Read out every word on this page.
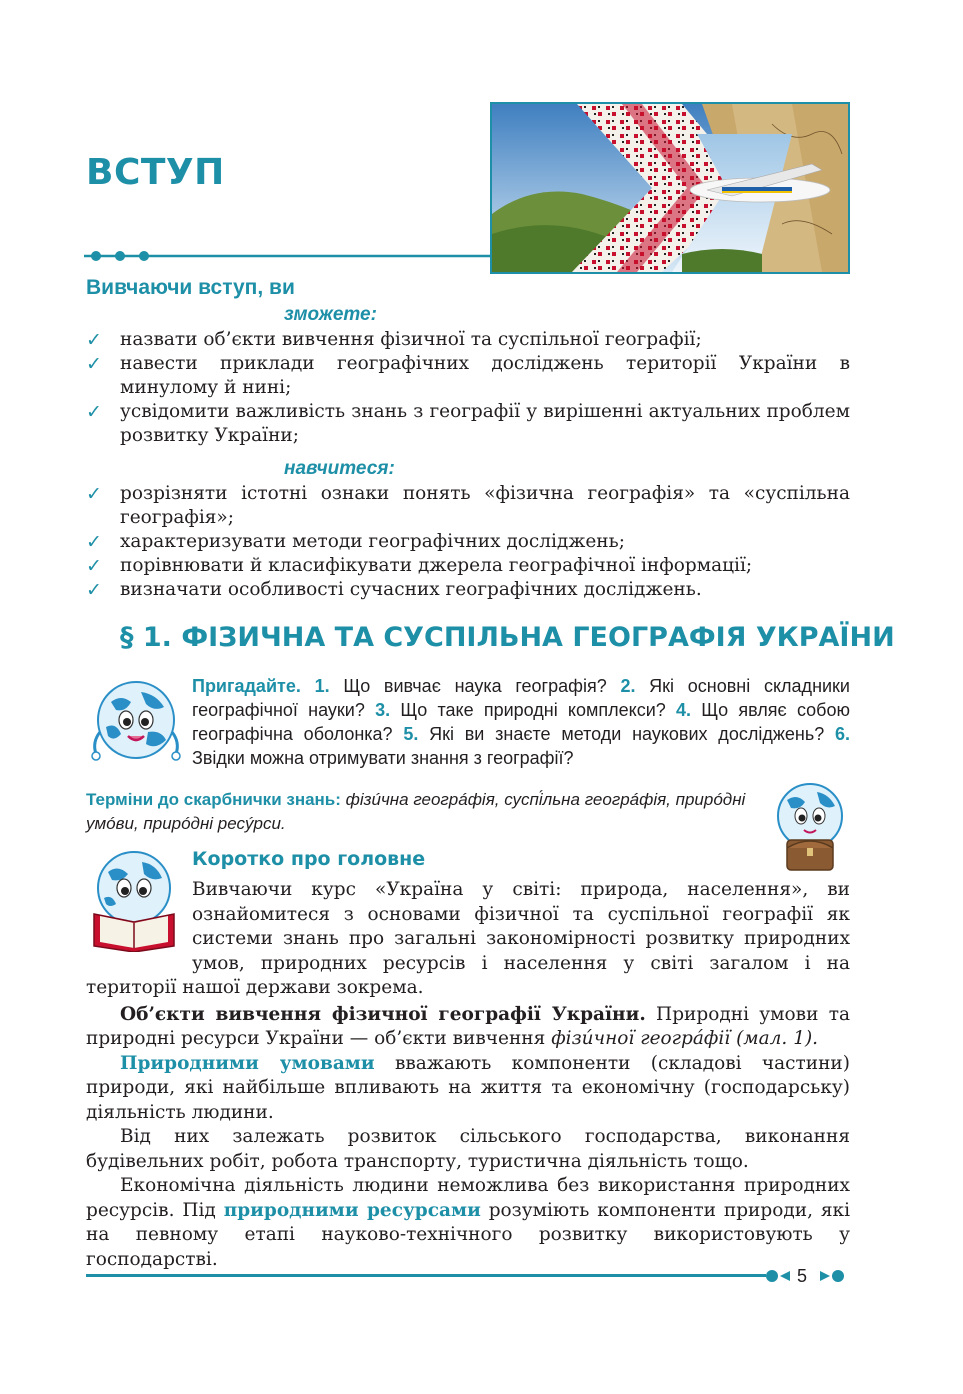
ВСТУП
Вивчаючи вступ, ви
зможете:
✓ назвати об’єкти вивчення фізичної та суспільної географії;
✓ навести приклади географічних досліджень території України в минулому й нині;
✓ усвідомити важливість знань з географії у вирішенні актуальних проблем розвитку України;
навчитеся:
✓ розрізняти істотні ознаки понять «фізична географія» та «суспільна географія»;
✓ характеризувати методи географічних досліджень;
✓ порівнювати й класифікувати джерела географічної інформації;
✓ визначати особливості сучасних географічних досліджень.
§ 1. ФІЗИЧНА ТА СУСПІЛЬНА ГЕОГРАФІЯ УКРАЇНИ
Пригадайте. 1. Що вивчає наука географія? 2. Які основні складники географічної науки? 3. Що таке природні комплекси? 4. Що являє собою географічна оболонка? 5. Які ви знаєте методи наукових досліджень? 6. Звідки можна отримувати знання з географії?
Терміни до скарбнички знань: фізúчна геогрáфія, суспі́льна геогрáфія, прирóдні умóви, прирóдні ресýрси.
Коротко про головне
Вивчаючи курс «Україна у світі: природа, населення», ви ознайомитеся з основами фізичної та суспільної географії як системи знань про загальні закономірності розвитку природних умов, природних ресурсів і населення у світі загалом і на території нашої держави зокрема.
Об’єкти вивчення фізичної географії України. Природні умови та природні ресурси України — об’єкти вивчення фізúчної геогрáфії (мал. 1).
Природними умовами вважають компоненти (складові частини) природи, які найбільше впливають на життя та економічну (господарську) діяльність людини.
Від них залежать розвиток сільського господарства, виконання будівельних робіт, робота транспорту, туристична діяльність тощо.
Економічна діяльність людини неможлива без використання природних ресурсів. Під природними ресурсами розуміють компоненти природи, які на певному етапі науково-технічного розвитку використовують у господарстві.
5
